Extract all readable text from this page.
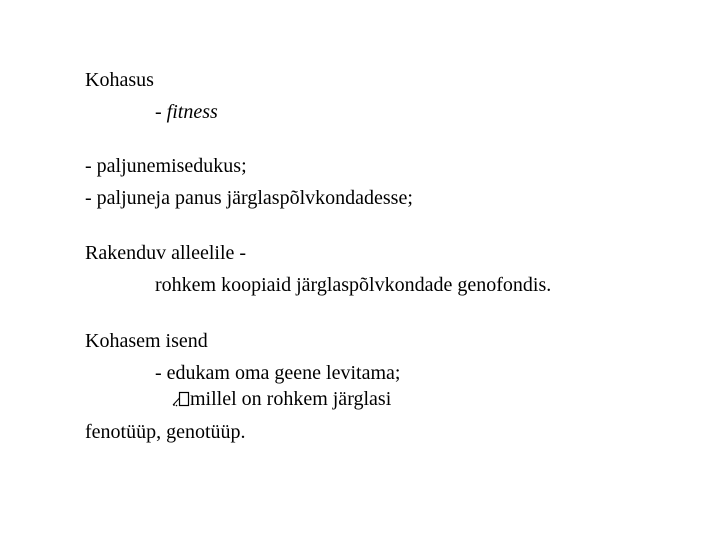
Kohasus
- fitness
- paljunemisedukus;
- paljuneja panus järglaspõlvkondadesse;
Rakenduv alleelile -
rohkem koopiaid järglaspõlvkondade genofondis.
Kohasem isend
- edukam oma geene levitama;
millel on rohkem järglasi
fenotüüp, genotüüp.
